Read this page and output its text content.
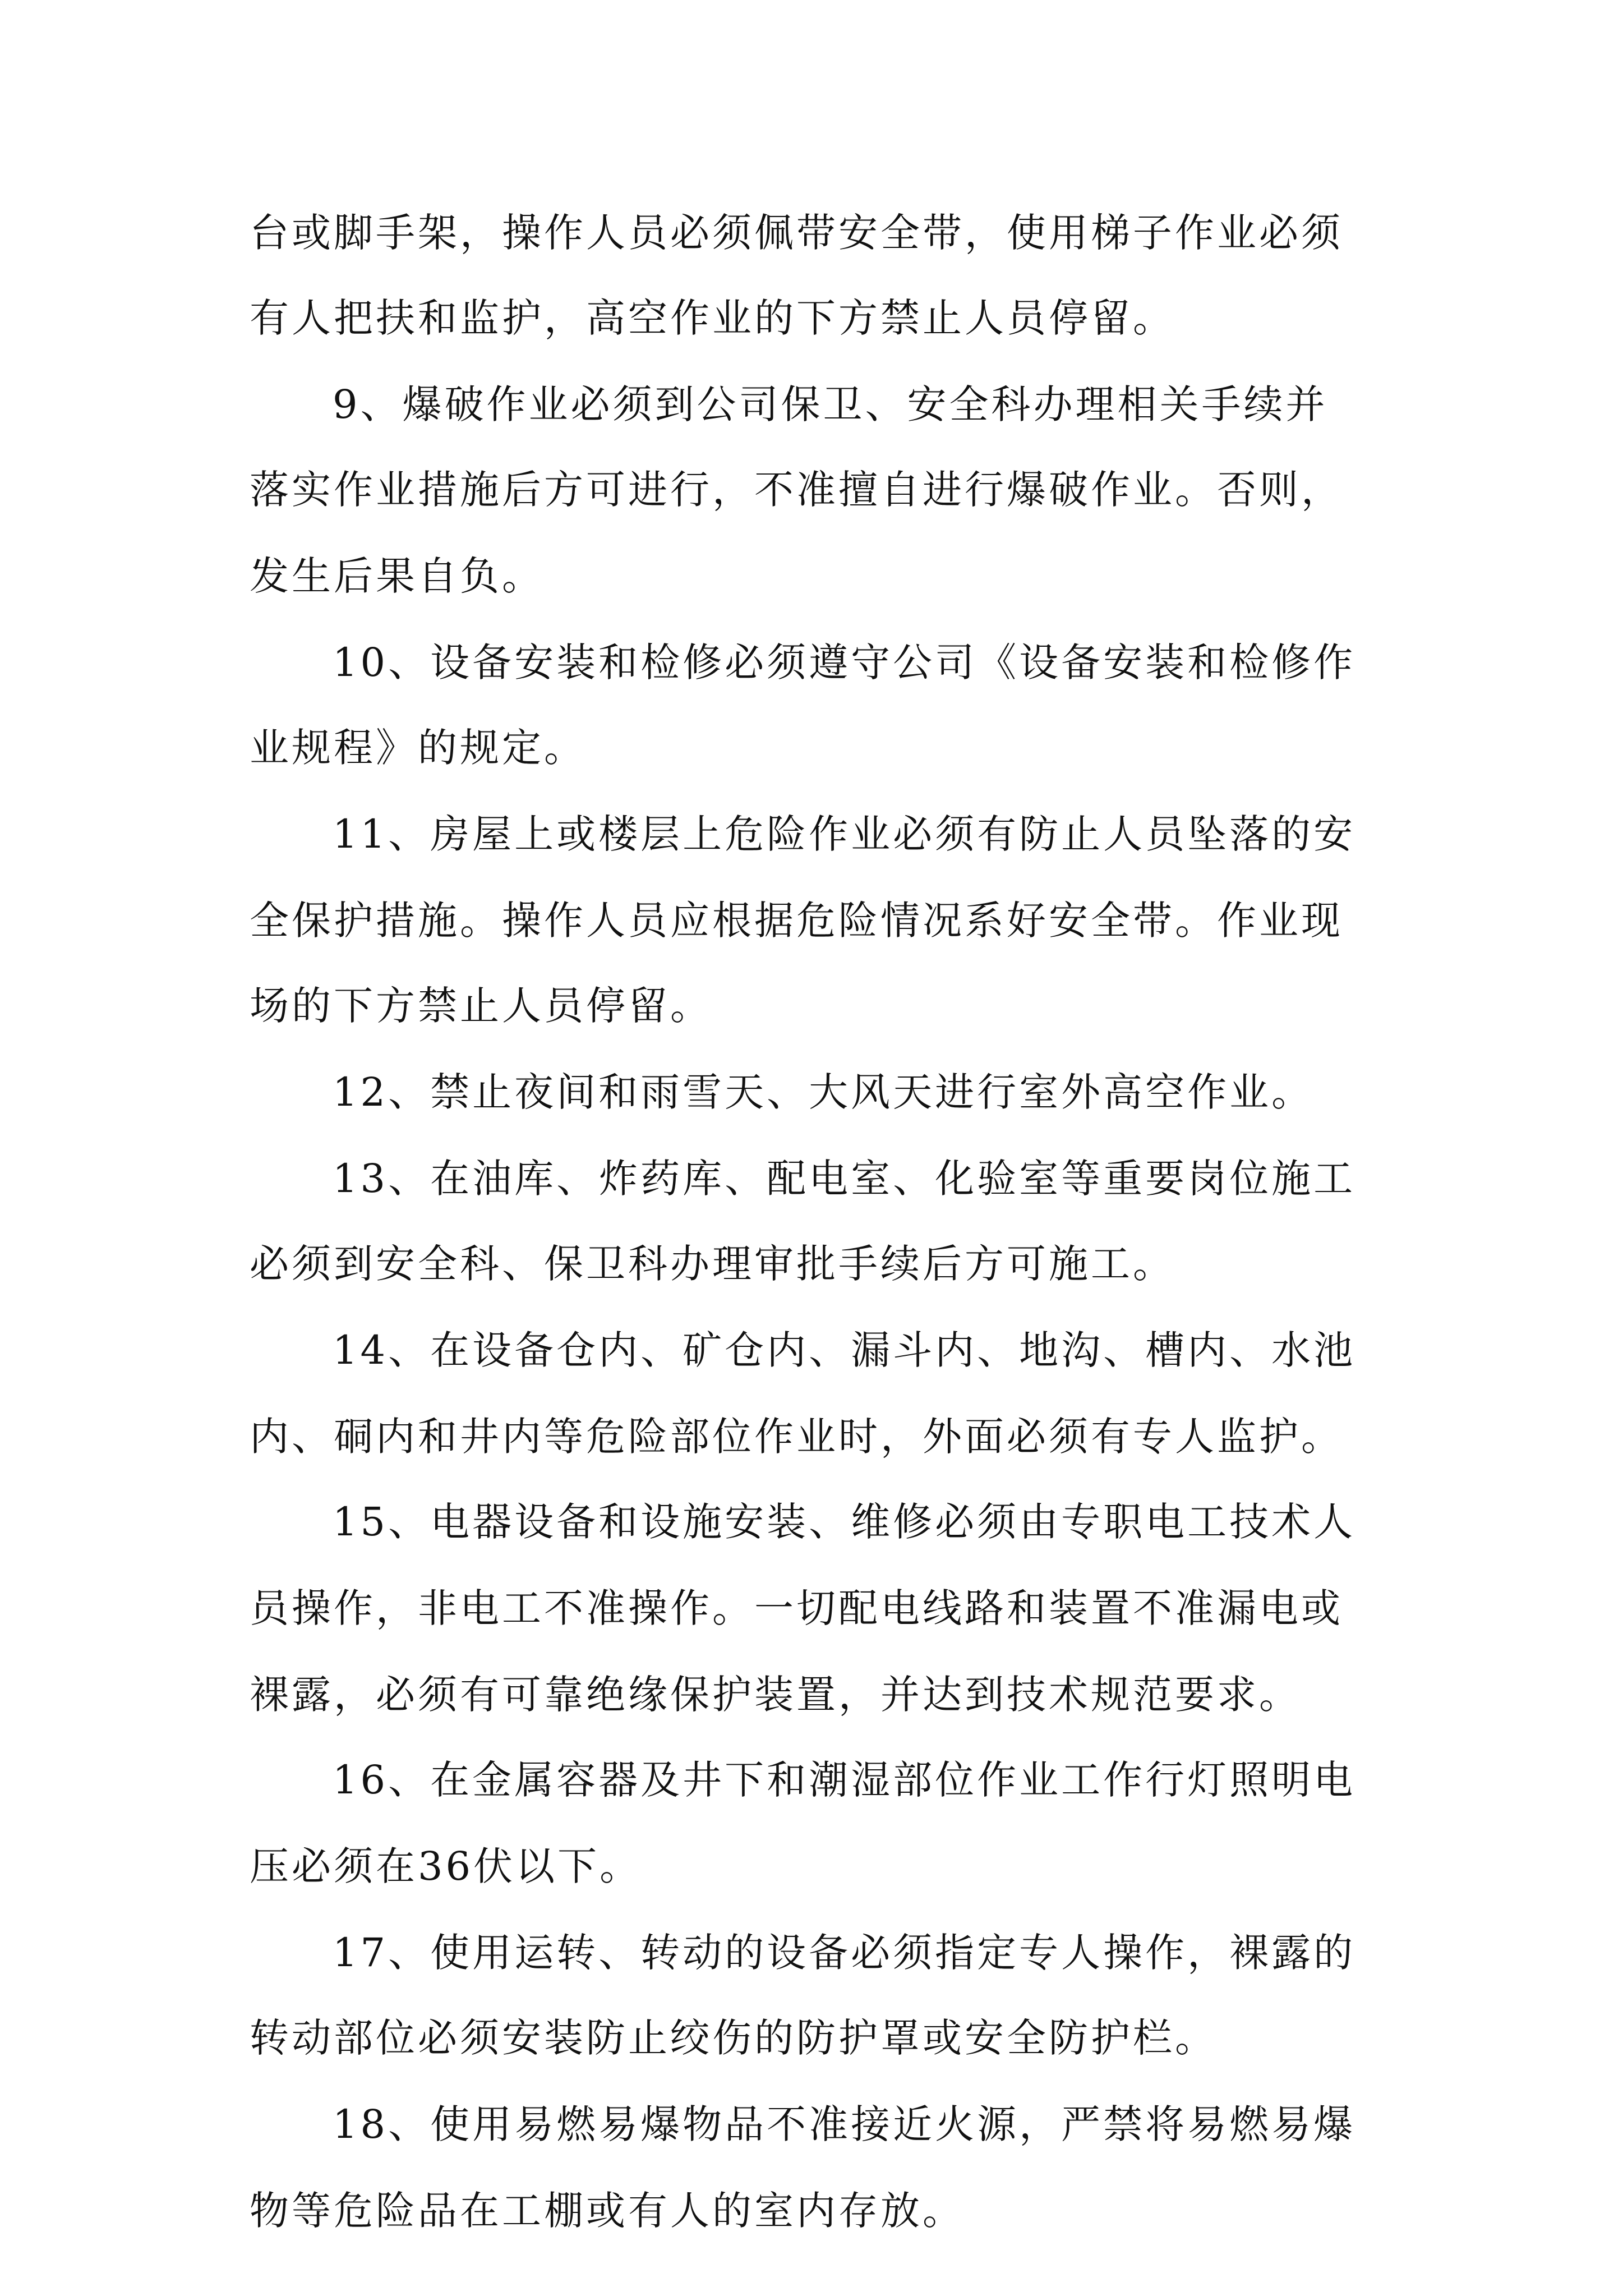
台或脚手架，操作人员必须佩带安全带，使用梯子作业必须
有人把扶和监护，高空作业的下方禁止人员停留。
9、爆破作业必须到公司保卫、安全科办理相关手续并
落实作业措施后方可进行，不准擅自进行爆破作业。否则，
发生后果自负。
10、设备安装和检修必须遵守公司《设备安装和检修作
业规程》的规定。
11、房屋上或楼层上危险作业必须有防止人员坠落的安
全保护措施。操作人员应根据危险情况系好安全带。作业现
场的下方禁止人员停留。
12、禁止夜间和雨雪天、大风天进行室外高空作业。
13、在油库、炸药库、配电室、化验室等重要岗位施工
必须到安全科、保卫科办理审批手续后方可施工。
14、在设备仓内、矿仓内、漏斗内、地沟、槽内、水池
内、硐内和井内等危险部位作业时，外面必须有专人监护。
15、电器设备和设施安装、维修必须由专职电工技术人
员操作，非电工不准操作。一切配电线路和装置不准漏电或
裸露，必须有可靠绝缘保护装置，并达到技术规范要求。
16、在金属容器及井下和潮湿部位作业工作行灯照明电
压必须在36伏以下。
17、使用运转、转动的设备必须指定专人操作，裸露的
转动部位必须安装防止绞伤的防护罩或安全防护栏。
18、使用易燃易爆物品不准接近火源，严禁将易燃易爆
物等危险品在工棚或有人的室内存放。
